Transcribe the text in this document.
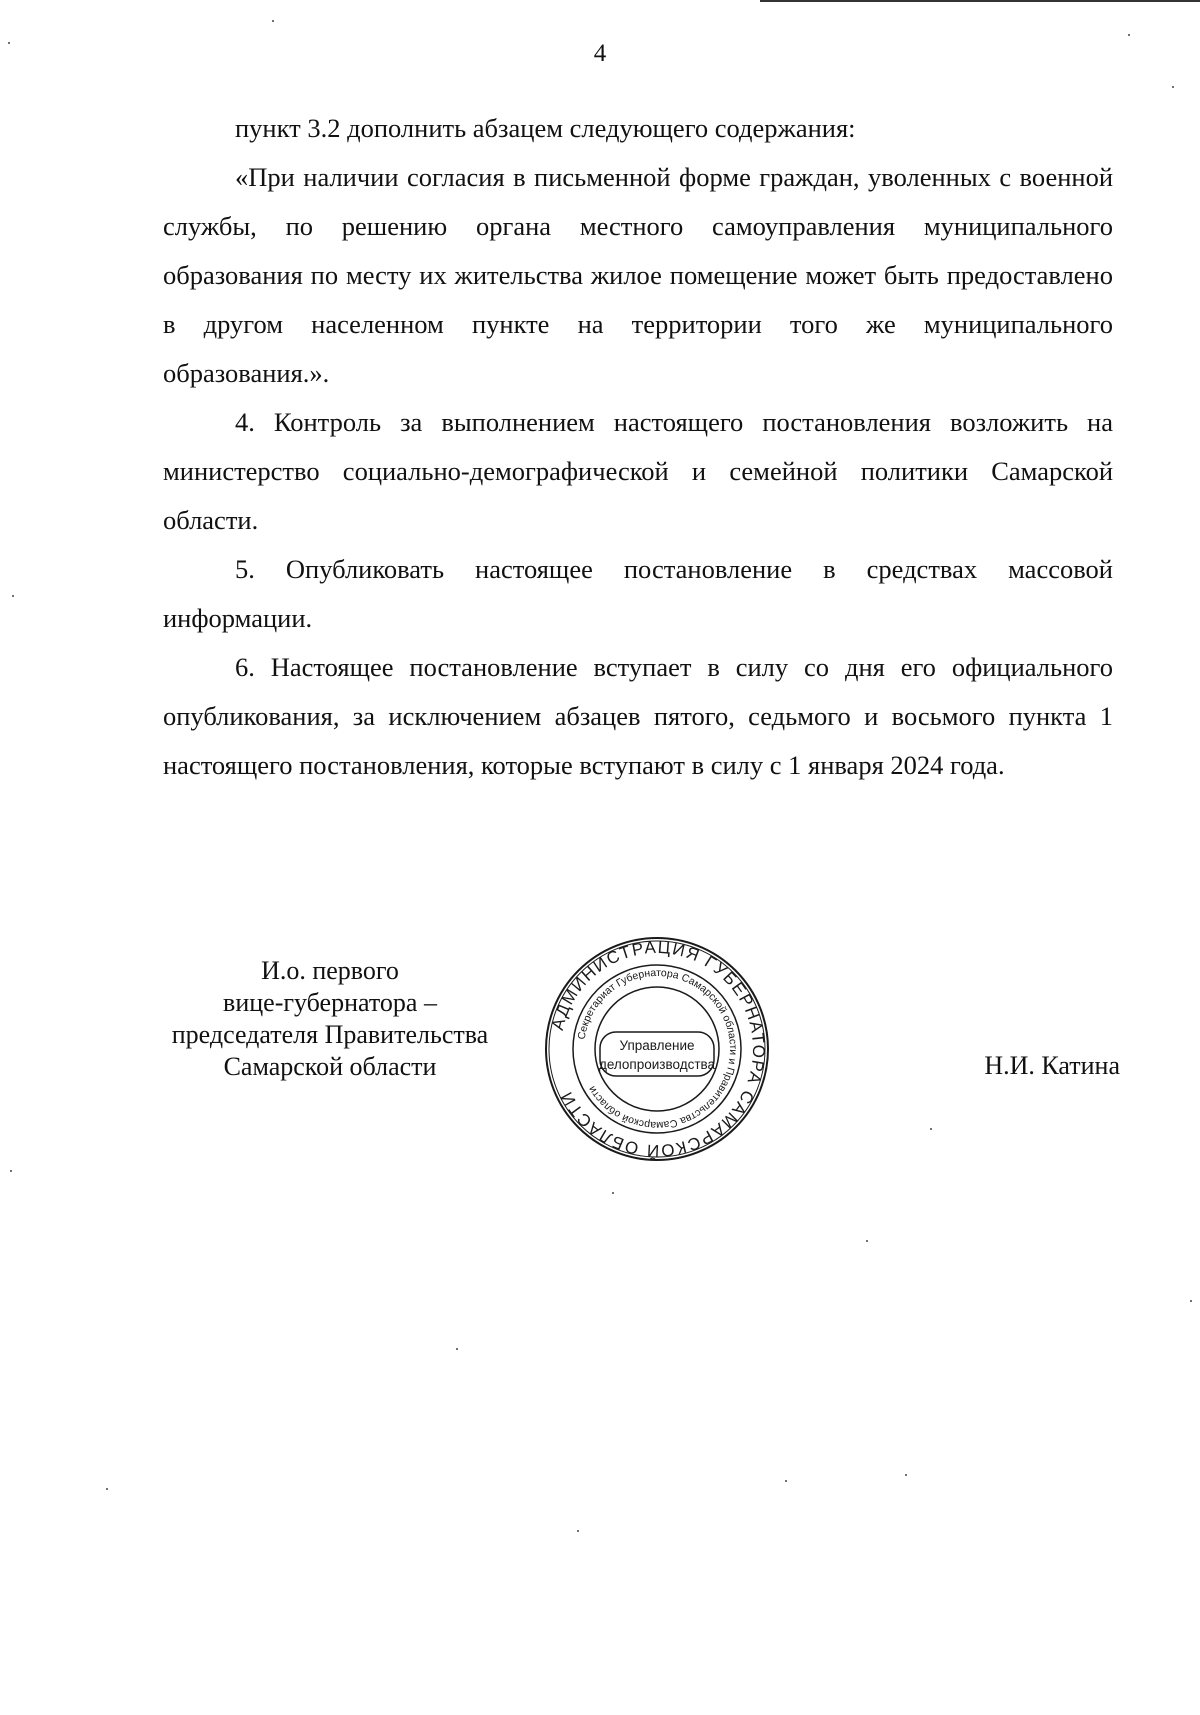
4

пункт 3.2 дополнить абзацем следующего содержания:

«При наличии согласия в письменной форме граждан, уволенных с военной службы, по решению органа местного самоуправления муниципального образования по месту их жительства жилое помещение может быть предоставлено в другом населенном пункте на территории того же муниципального образования.».

4. Контроль за выполнением настоящего постановления возложить на министерство социально-демографической и семейной политики Самарской области.

5. Опубликовать настоящее постановление в средствах массовой информации.

6. Настоящее постановление вступает в силу со дня его официального опубликования, за исключением абзацев пятого, седьмого и восьмого пункта 1 настоящего постановления, которые вступают в силу с 1 января 2024 года.

И.о. первого
вице-губернатора –
председателя Правительства
Самарской области
АДМИНИСТРАЦИЯ ГУБЕРНАТОРА САМАРСКОЙ ОБЛАСТИ
Секретариат Губернатора Самарской области и Правительства Самарской области
Управление
делопроизводства	Н.И. Катина
